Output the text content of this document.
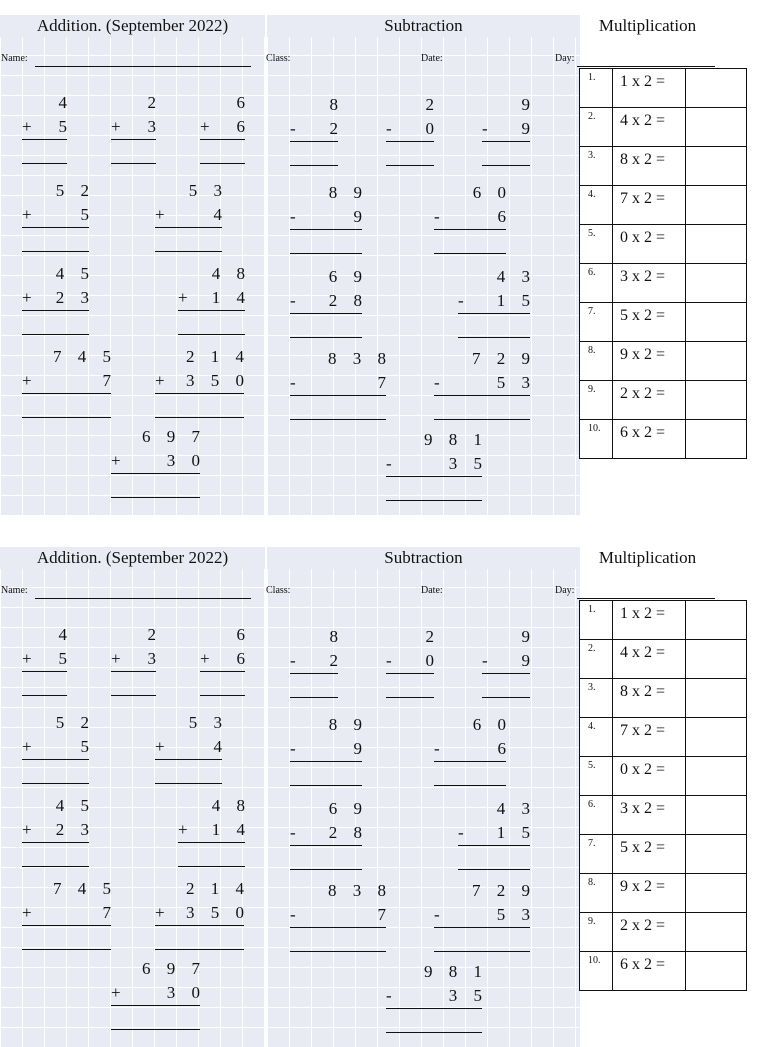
Addition. (September 2022)	Subtraction	Multiplication
Name:	Class:	Date:	Day:
4
+ 5
2
+ 3
6
+ 6
5 2
+	5
5 3
+	4
4 5
+ 2 3
4 8
+ 1 4
7 4 5
+	7
2 1 4
+ 3 5 0
6 9 7
+	3 0
8
- 2
2
- 0
9
- 9
8 9
-	9
6 0
-	6
6 9
- 2 8
4 3
- 1 5
8 3 8
-	7
7 2 9
-	5 3
9 8 1
-	3 5
1.	1 x 2 =	
2.	4 x 2 =	
3.	8 x 2 =	
4.	7 x 2 =	
5.	0 x 2 =	
6.	3 x 2 =	
7.	5 x 2 =	
8.	9 x 2 =	
9.	2 x 2 =	
10.	6 x 2 =	
Addition. (September 2022)	Subtraction	Multiplication
Name:	Class:	Date:	Day:
4
+ 5
2
+ 3
6
+ 6
5 2
+	5
5 3
+	4
4 5
+ 2 3
4 8
+ 1 4
7 4 5
+	7
2 1 4
+ 3 5 0
6 9 7
+	3 0
8
- 2
2
- 0
9
- 9
8 9
-	9
6 0
-	6
6 9
- 2 8
4 3
- 1 5
8 3 8
-	7
7 2 9
-	5 3
9 8 1
-	3 5
1.	1 x 2 =	
2.	4 x 2 =	
3.	8 x 2 =	
4.	7 x 2 =	
5.	0 x 2 =	
6.	3 x 2 =	
7.	5 x 2 =	
8.	9 x 2 =	
9.	2 x 2 =	
10.	6 x 2 =	
